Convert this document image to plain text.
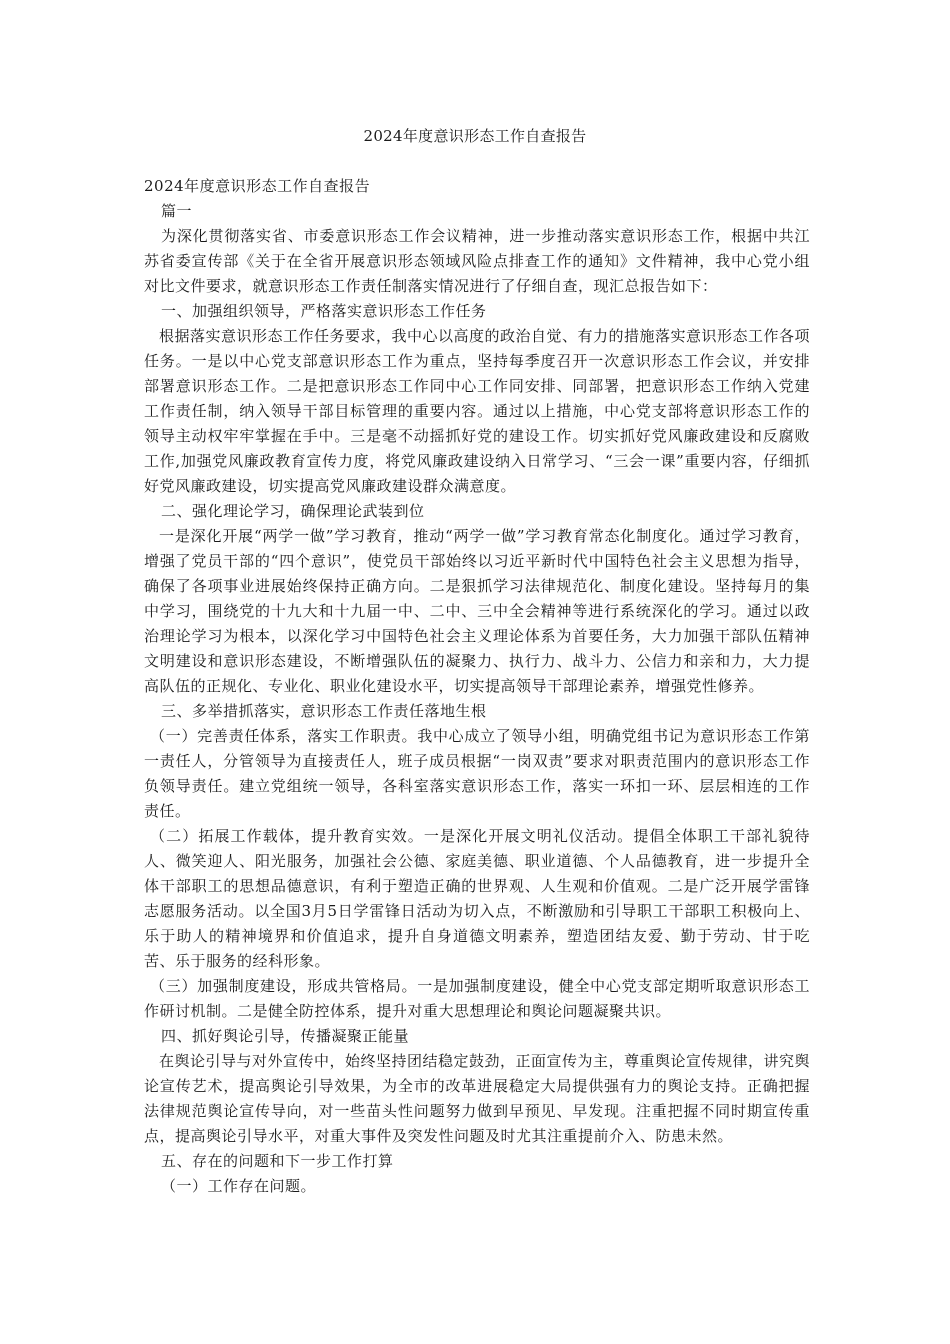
2024年度意识形态工作自查报告

2024年度意识形态工作自查报告

篇一

为深化贯彻落实省、市委意识形态工作会议精神，进一步推动落实意识形态工作，根据中共江苏省委宣传部《关于在全省开展意识形态领域风险点排查工作的通知》文件精神，我中心党小组对比文件要求，就意识形态工作责任制落实情况进行了仔细自查，现汇总报告如下：

一、加强组织领导，严格落实意识形态工作任务

根据落实意识形态工作任务要求，我中心以高度的政治自觉、有力的措施落实意识形态工作各项任务。一是以中心党支部意识形态工作为重点，坚持每季度召开一次意识形态工作会议，并安排部署意识形态工作。二是把意识形态工作同中心工作同安排、同部署，把意识形态工作纳入党建工作责任制，纳入领导干部目标管理的重要内容。通过以上措施，中心党支部将意识形态工作的领导主动权牢牢掌握在手中。三是毫不动摇抓好党的建设工作。切实抓好党风廉政建设和反腐败工作,加强党风廉政教育宣传力度，将党风廉政建设纳入日常学习、“三会一课”重要内容，仔细抓好党风廉政建设，切实提高党风廉政建设群众满意度。

二、强化理论学习，确保理论武装到位

一是深化开展“两学一做”学习教育，推动“两学一做”学习教育常态化制度化。通过学习教育，增强了党员干部的“四个意识”，使党员干部始终以习近平新时代中国特色社会主义思想为指导，确保了各项事业进展始终保持正确方向。二是狠抓学习法律规范化、制度化建设。坚持每月的集中学习，围绕党的十九大和十九届一中、二中、三中全会精神等进行系统深化的学习。通过以政治理论学习为根本，以深化学习中国特色社会主义理论体系为首要任务，大力加强干部队伍精神文明建设和意识形态建设，不断增强队伍的凝聚力、执行力、战斗力、公信力和亲和力，大力提高队伍的正规化、专业化、职业化建设水平，切实提高领导干部理论素养，增强党性修养。

三、多举措抓落实，意识形态工作责任落地生根

（一）完善责任体系，落实工作职责。我中心成立了领导小组，明确党组书记为意识形态工作第一责任人，分管领导为直接责任人，班子成员根据“一岗双责”要求对职责范围内的意识形态工作负领导责任。建立党组统一领导，各科室落实意识形态工作，落实一环扣一环、层层相连的工作责任。

（二）拓展工作载体，提升教育实效。一是深化开展文明礼仪活动。提倡全体职工干部礼貌待人、微笑迎人、阳光服务，加强社会公德、家庭美德、职业道德、个人品德教育，进一步提升全体干部职工的思想品德意识，有利于塑造正确的世界观、人生观和价值观。二是广泛开展学雷锋志愿服务活动。以全国3月5日学雷锋日活动为切入点，不断激励和引导职工干部职工积极向上、乐于助人的精神境界和价值追求，提升自身道德文明素养，塑造团结友爱、勤于劳动、甘于吃苦、乐于服务的经科形象。

（三）加强制度建设，形成共管格局。一是加强制度建设，健全中心党支部定期听取意识形态工作研讨机制。二是健全防控体系，提升对重大思想理论和舆论问题凝聚共识。

四、抓好舆论引导，传播凝聚正能量

在舆论引导与对外宣传中，始终坚持团结稳定鼓劲，正面宣传为主，尊重舆论宣传规律，讲究舆论宣传艺术，提高舆论引导效果，为全市的改革进展稳定大局提供强有力的舆论支持。正确把握法律规范舆论宣传导向，对一些苗头性问题努力做到早预见、早发现。注重把握不同时期宣传重点，提高舆论引导水平，对重大事件及突发性问题及时尤其注重提前介入、防患未然。

五、存在的问题和下一步工作打算

（一）工作存在问题。
